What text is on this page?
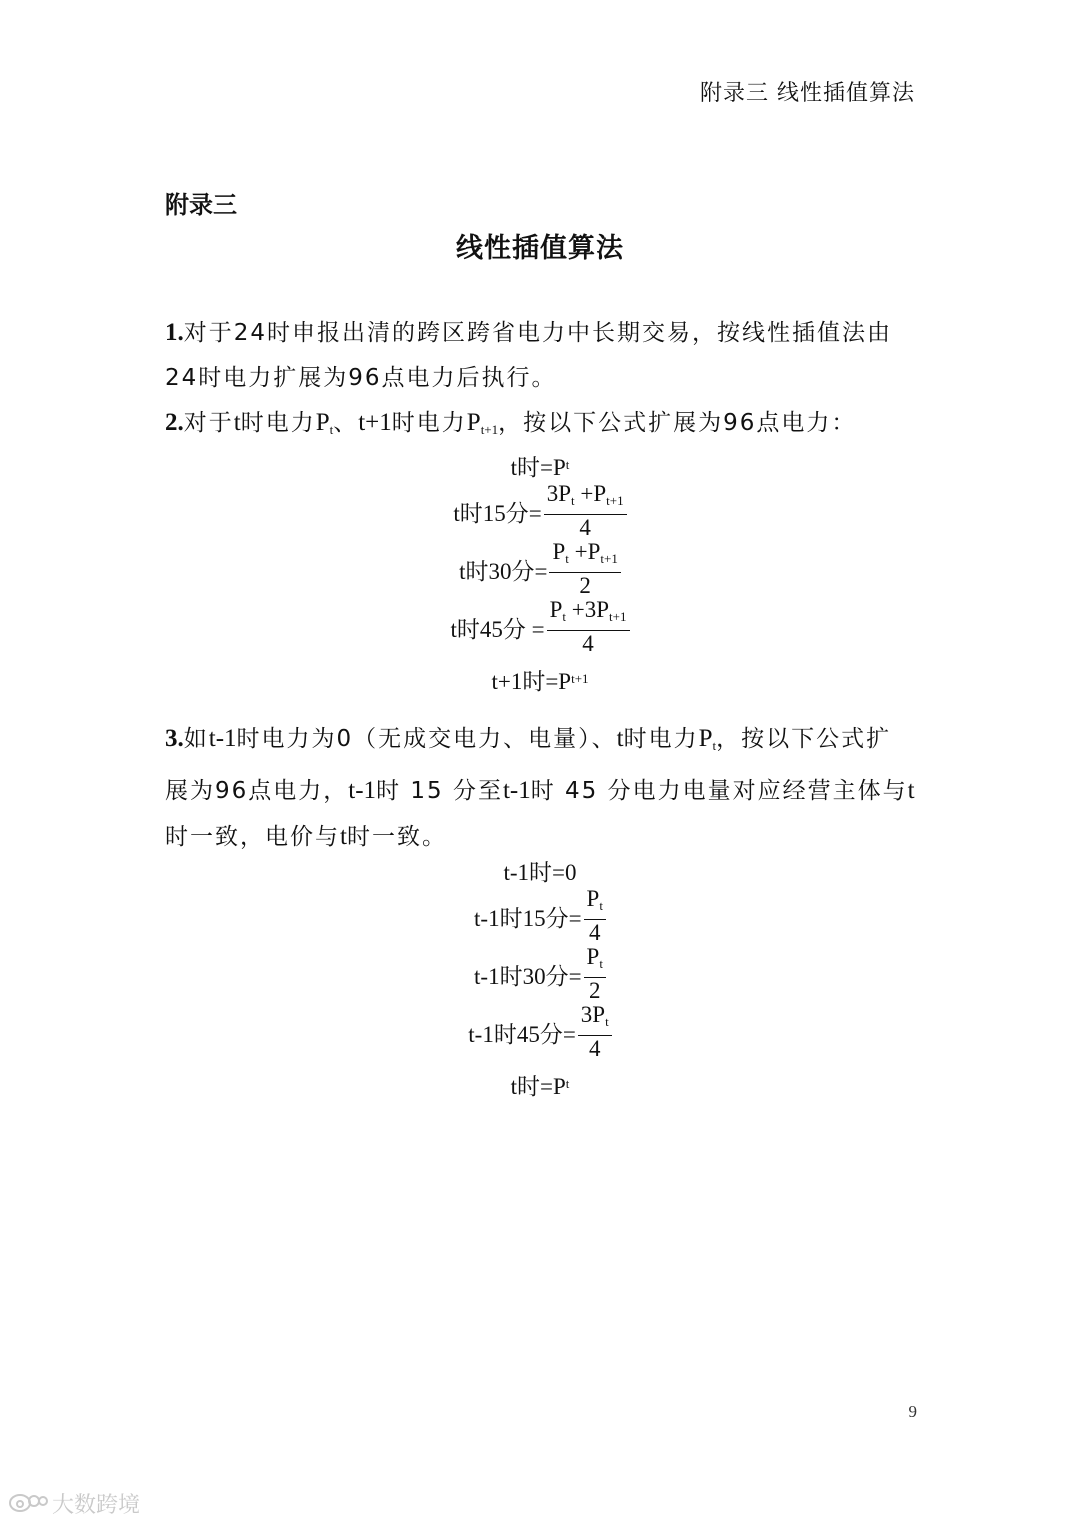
附录三 线性插值算法
附录三
线性插值算法

1.对于24时申报出清的跨区跨省电力中长期交易，按线性插值法由
24时电力扩展为96点电力后执行。

2.对于t时电力$P_t$、t+1时电力$P_{t+1}$，按以下公式扩展为96点电力：

t时=P t
t时15分= $\frac{3P_t +P_{t+1}}{4}$
t时30分= $\frac{P_t +P_{t+1}}{2}$
t时45分 = $\frac{P_t +3P_{t+1}}{4}$
t+1时=P t+1

3.如t-1时电力为0（无成交电力、电量）、t时电力$P_t$，按以下公式扩
展为96点电力，t-1时 15 分至t-1时 45 分电力电量对应经营主体与t
时一致，电价与t时一致。

t-1时=0
t-1时15分= $\frac{P_t}{4}$
t-1时30分= $\frac{P_t}{2}$
t-1时45分= $\frac{3P_t}{4}$
t时=P t
9
大数跨境
